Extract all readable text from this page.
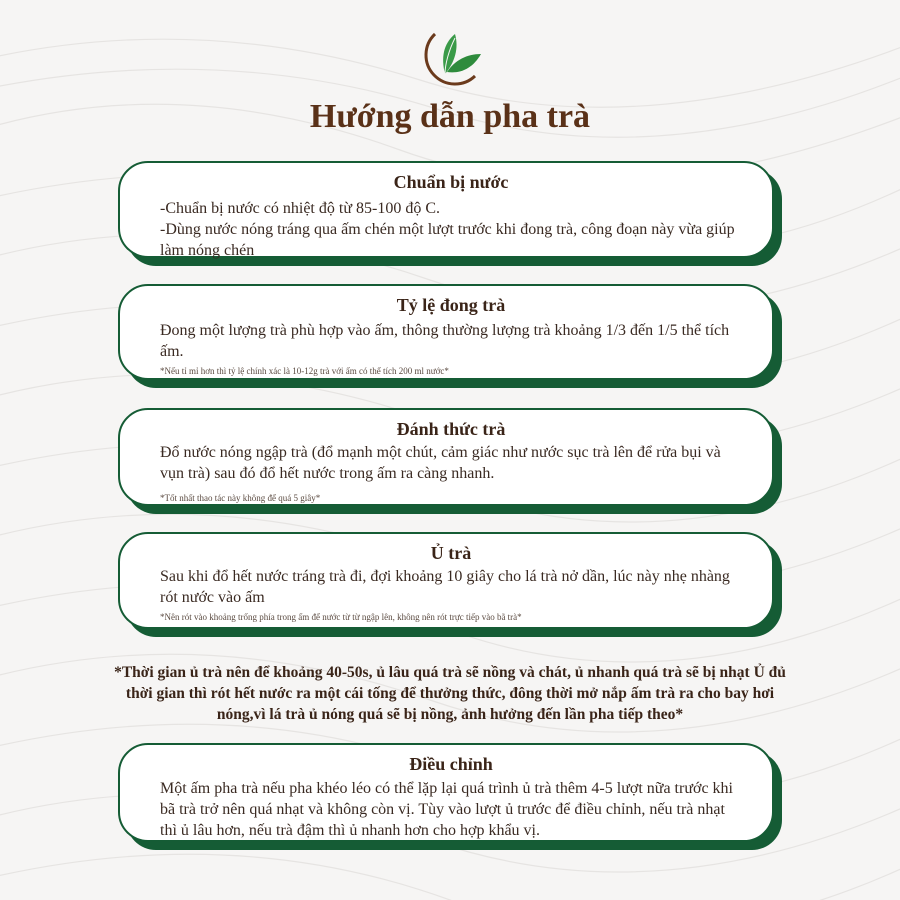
Hướng dẫn pha trà
Chuẩn bị nước

-Chuẩn bị nước có nhiệt độ từ 85-100 độ C.

-Dùng nước nóng tráng qua ấm chén một lượt trước khi đong trà, công đoạn này vừa giúp làm nóng chén

Tỷ lệ đong trà

Đong một lượng trà phù hợp vào ấm, thông thường lượng trà khoảng 1/3 đến 1/5 thể tích ấm.

*Nếu tỉ mỉ hơn thì tỷ lệ chính xác là 10-12g trà với ấm có thể tích 200 ml nước*
Đánh thức trà

Đổ nước nóng ngập trà (đổ mạnh một chút, cảm giác như nước sục trà lên để rửa bụi và vụn trà) sau đó đổ hết nước trong ấm ra càng nhanh.

*Tốt nhất thao tác này không để quá 5 giây*
Ủ trà

Sau khi đổ hết nước tráng trà đi, đợi khoảng 10 giây cho lá trà nở dần, lúc này nhẹ nhàng rót nước vào ấm

*Nên rót vào khoảng trống phía trong ấm để nước từ từ ngập lên, không nên rót trực tiếp vào bã trà*
*Thời gian ủ trà nên để khoảng 40-50s, ủ lâu quá trà sẽ nồng và chát, ủ nhanh quá trà sẽ bị nhạt Ủ đủ thời gian thì rót hết nước ra một cái tống để thưởng thức, đông thời mở nắp ấm trà ra cho bay hơi nóng,vì lá trà ủ nóng quá sẽ bị nồng, ảnh hưởng đến lần pha tiếp theo*
Điều chỉnh

Một ấm pha trà nếu pha khéo léo có thể lặp lại quá trình ủ trà thêm 4-5 lượt nữa trước khi bã trà trở nên quá nhạt và không còn vị. Tùy vào lượt ủ trước để điều chỉnh, nếu trà nhạt thì ủ lâu hơn, nếu trà đậm thì ủ nhanh hơn cho hợp khẩu vị.
